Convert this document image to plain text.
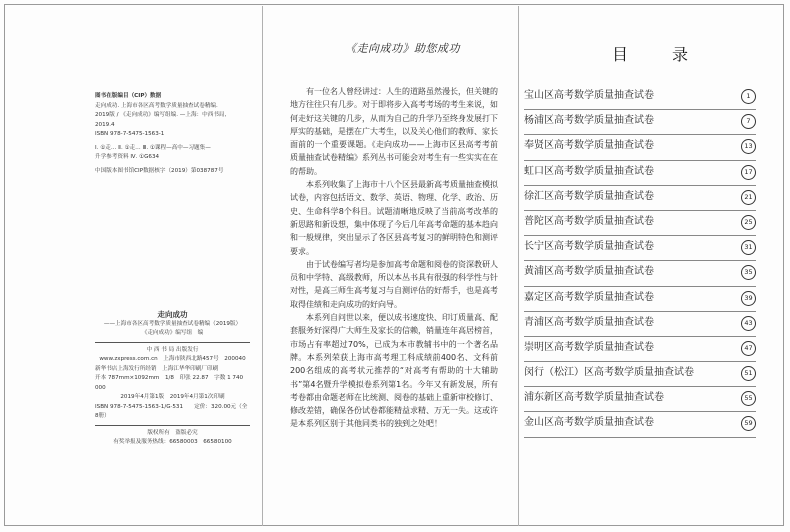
图书在版编目（CIP）数据
走向成功. 上海市各区高考数学质量抽查试卷精编.
2019版 / 《走向成功》编写组编. —上海：中西书局,
2019.4
ISBN 978-7-5475-1563-1
Ⅰ. ①走… Ⅱ. ①走… Ⅲ. ①课程—高中—习题集—
升学参考资料 Ⅳ. ①G634
中国版本图书馆CIP数据核字（2019）第038787号
走向成功
——上海市各区高考数学质量抽查试卷精编（2019版）
《走向成功》编写组　编
中 西 书 局 出版发行
www.zxpress.com.cn　上海市陕西北路457号　200040
新华书店上海发行所经销　上海江华华印刷厂印刷
开本 787mm×1092mm　1/8　印张 22.87　字数 1 740 000
2019年4月第1版　2019年4月第1次印刷
ISBN 978-7-5475-1563-1/G·531　　定价：320.00元（全8册）
版权所有　盗版必究
有奖举报及服务热线：66580003　66580100
《走向成功》助您成功

有一位名人曾经讲过：人生的道路虽然漫长，但关键的地方往往只有几步。对于即将步入高考考场的考生来说，如何走好这关键的几步，从而为自己的升学乃至终身发展打下厚实的基础，是摆在广大考生，以及关心他们的教师、家长面前的一个重要课题。《走向成功——上海市区县高考考前质量抽查试卷精编》系列丛书可能会对考生有一些实实在在的帮助。

本系列收集了上海市十八个区县最新高考质量抽查模拟试卷，内容包括语文、数学、英语、物理、化学、政治、历史、生命科学8个科目。试题清晰地反映了当前高考改革的新思路和新设想，集中体现了今后几年高考命题的基本趋向和一般规律，突出显示了各区县高考复习的鲜明特色和测评要求。

由于试卷编写者均是参加高考命题和阅卷的资深教研人员和中学特、高级教师，所以本丛书具有很强的科学性与针对性，是高三师生高考复习与自测评估的好帮手，也是高考取得佳绩和走向成功的好向导。

本系列自问世以来，便以成书速度快、印订质量高、配套服务好深得广大师生及家长的信赖，销量连年高居榜首，市场占有率超过70%，已成为本市教辅书中的一个著名品牌。本系列荣获上海市高考理工科成绩前400名、文科前200名组成的高考状元推荐的“对高考有帮助的十大辅助书”第4名暨升学模拟卷系列第1名。今年又有新发展，所有考卷都由命题老师在比统测、阅卷的基础上重新审校修订、修改差错，确保各份试卷都能精益求精、万无一失。这或许是本系列区别于其他同类书的独到之处吧！

目　录
宝山区高考数学质量抽查试卷	1
杨浦区高考数学质量抽查试卷	7
奉贤区高考数学质量抽查试卷	13
虹口区高考数学质量抽查试卷	17
徐汇区高考数学质量抽查试卷	21
普陀区高考数学质量抽查试卷	25
长宁区高考数学质量抽查试卷	31
黄浦区高考数学质量抽查试卷	35
嘉定区高考数学质量抽查试卷	39
青浦区高考数学质量抽查试卷	43
崇明区高考数学质量抽查试卷	47
闵行（松江）区高考数学质量抽查试卷	51
浦东新区高考数学质量抽查试卷	55
金山区高考数学质量抽查试卷	59
